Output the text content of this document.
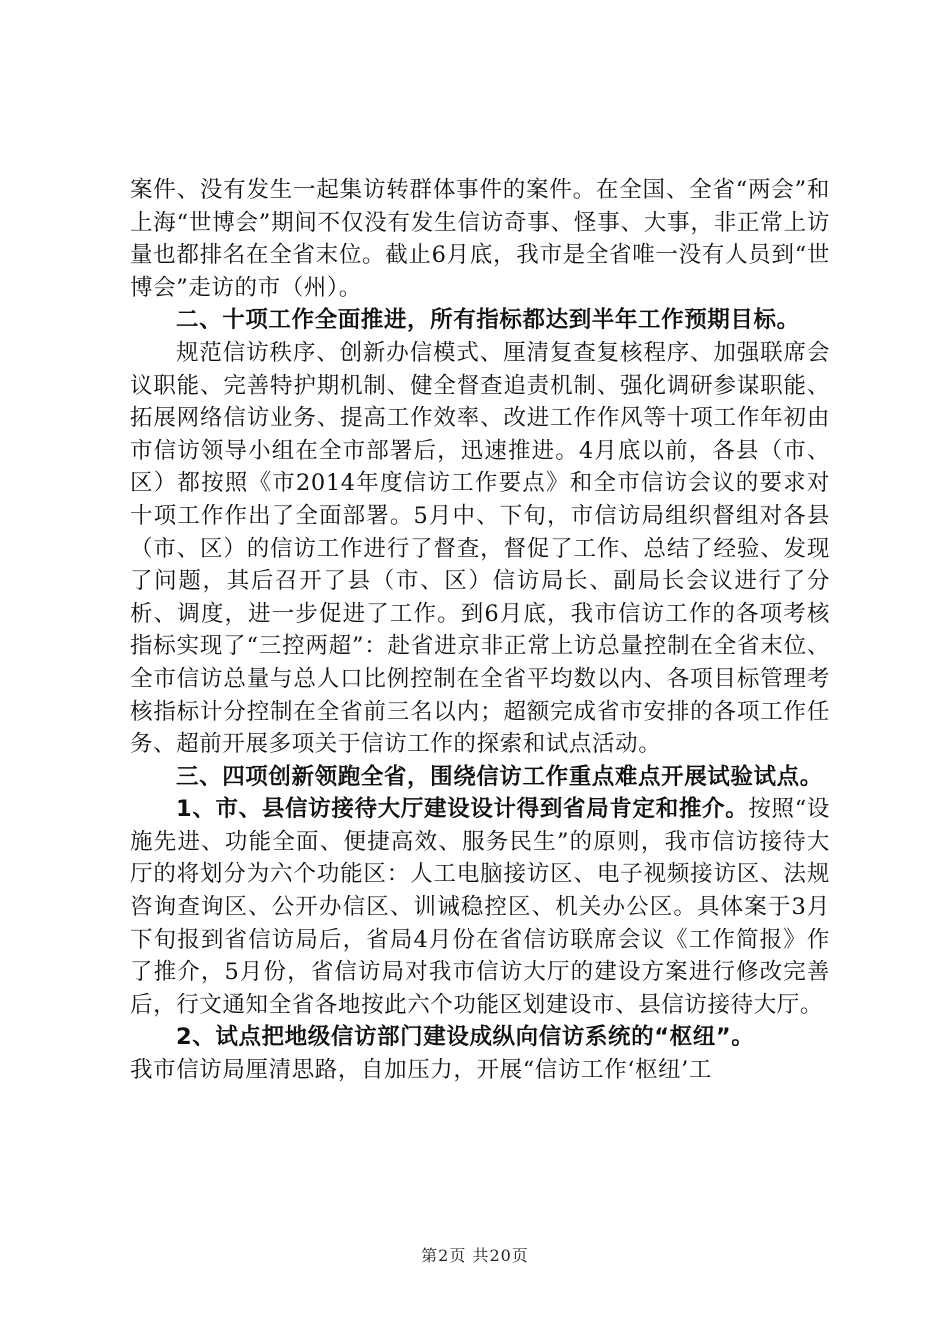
案件、没有发生一起集访转群体事件的案件。在全国、全省“两会”和上海“世博会”期间不仅没有发生信访奇事、怪事、大事，非正常上访量也都排名在全省末位。截止6月底，我市是全省唯一没有人员到“世博会”走访的市（州）。

二、十项工作全面推进，所有指标都达到半年工作预期目标。

规范信访秩序、创新办信模式、厘清复查复核程序、加强联席会议职能、完善特护期机制、健全督查追责机制、强化调研参谋职能、拓展网络信访业务、提高工作效率、改进工作作风等十项工作年初由市信访领导小组在全市部署后，迅速推进。4月底以前，各县（市、区）都按照《市2014年度信访工作要点》和全市信访会议的要求对十项工作作出了全面部署。5月中、下旬，市信访局组织督组对各县（市、区）的信访工作进行了督查，督促了工作、总结了经验、发现了问题，其后召开了县（市、区）信访局长、副局长会议进行了分析、调度，进一步促进了工作。到6月底，我市信访工作的各项考核指标实现了“三控两超”：赴省进京非正常上访总量控制在全省末位、全市信访总量与总人口比例控制在全省平均数以内、各项目标管理考核指标计分控制在全省前三名以内；超额完成省市安排的各项工作任务、超前开展多项关于信访工作的探索和试点活动。

三、四项创新领跑全省，围绕信访工作重点难点开展试验试点。

1、市、县信访接待大厅建设设计得到省局肯定和推介。按照“设施先进、功能全面、便捷高效、服务民生”的原则，我市信访接待大厅的将划分为六个功能区：人工电脑接访区、电子视频接访区、法规咨询查询区、公开办信区、训诫稳控区、机关办公区。具体案于3月下旬报到省信访局后，省局4月份在省信访联席会议《工作简报》作了推介，5月份，省信访局对我市信访大厅的建设方案进行修改完善后，行文通知全省各地按此六个功能区划建设市、县信访接待大厅。

2、试点把地级信访部门建设成纵向信访系统的“枢纽”。

我市信访局厘清思路，自加压力，开展“信访工作‘枢纽’工

第2页 共20页
